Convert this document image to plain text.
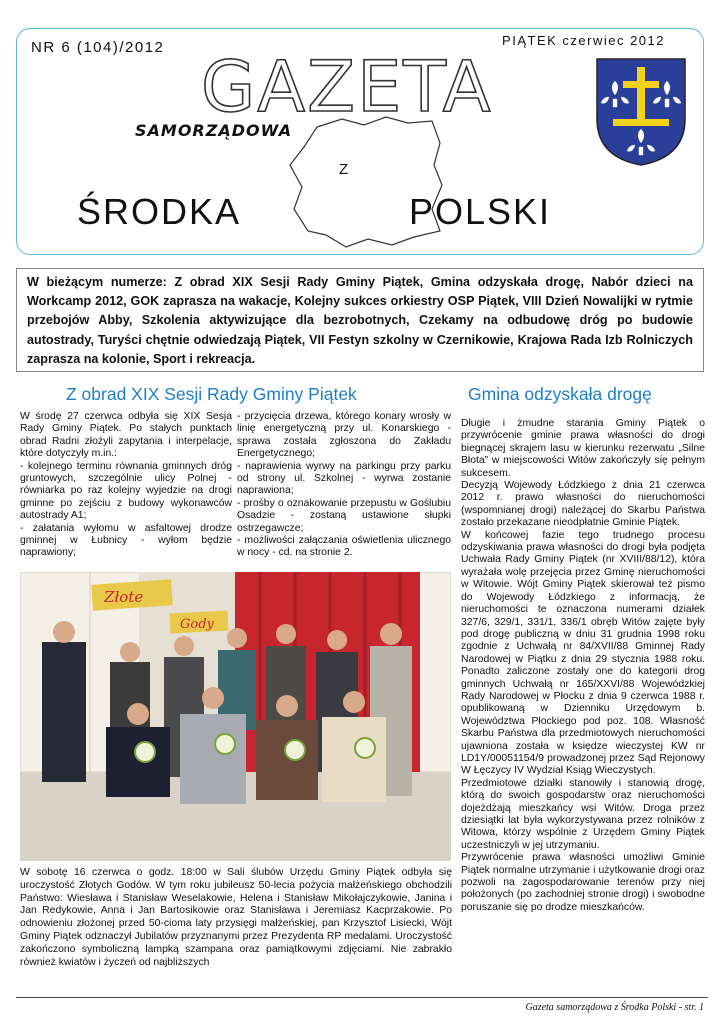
NR 6 (104)/2012	PIĄTEK czerwiec 2012
GAZETA
SAMORZĄDOWA
Z
ŚRODKA	POLSKI
W bieżącym numerze: Z obrad XIX Sesji Rady Gminy Piątek, Gmina odzyskała drogę, Nabór dzieci na Workcamp 2012, GOK zaprasza na wakacje, Kolejny sukces orkiestry OSP Piątek, VIII Dzień Nowalijki w rytmie przebojów Abby, Szkolenia aktywizujące dla bezrobotnych, Czekamy na odbudowę dróg po budowie autostrady, Turyści chętnie odwiedzają Piątek, VII Festyn szkolny w Czernikowie, Krajowa Rada Izb Rolniczych zaprasza na kolonie, Sport i rekreacja.
Z obrad XIX Sesji Rady Gminy Piątek

W środę 27 czerwca odbyła się XIX Sesja Rady Gminy Piątek. Po stałych punktach obrad Radni złożyli zapytania i interpelacje, które dotyczyły m.in.:

- kolejnego terminu równania gminnych dróg gruntowych, szczególnie ulicy Polnej - równiarka po raz kolejny wyjedzie na drogi gminne po zejściu z budowy wykonawców autostrady A1;

- załatania wyłomu w asfaltowej drodze gminnej w Łubnicy - wyłom będzie naprawiony;

- przycięcia drzewa, którego konary wrosły w linię energetyczną przy ul. Konarskiego - sprawa została zgłoszona do Zakładu Energetycznego;

- naprawienia wyrwy na parkingu przy parku od strony ul. Szkolnej - wyrwa zostanie naprawiona;

- prośby o oznakowanie przepustu w Goślubiu Osadzie - zostaną ustawione słupki ostrzegawcze;

- możliwości załączania oświetlenia ulicznego w nocy - cd. na stronie 2.

Złote
Gody
W sobotę 16 czerwca o godz. 18:00 w Sali ślubów Urzędu Gminy Piątek odbyła się uroczystość Złotych Godów. W tym roku jubileusz 50-lecia pożycia małżeńskiego obchodzili Państwo: Wiesława i Stanisław Weselakowie, Helena i Stanisław Mikołajczykowie, Janina i Jan Redykowie, Anna i Jan Bartosikowie oraz Stanisława i Jeremiasz Kacprzakowie. Po odnowieniu złożonej przed 50-cioma laty przysięgi małżeńskiej, pan Krzysztof Lisiecki, Wójt Gminy Piątek odznaczył Jubilatów przyznanymi przez Prezydenta RP medalami. Uroczystość zakończono symboliczną lampką szampana oraz pamiątkowymi zdjęciami. Nie zabrakło również kwiatów i życzeń od najbliższych
Gmina odzyskała drogę

Długie i żmudne starania Gminy Piątek o przywrócenie gminie prawa własności do drogi biegnącej skrajem lasu w kierunku rezerwatu „Silne Błota” w miejscowości Witów zakończyły się pełnym sukcesem.

Decyzją Wojewody Łódzkiego z dnia 21 czerwca 2012 r. prawo własności do nieruchomości (wspomnianej drogi) należącej do Skarbu Państwa zostało przekazane nieodpłatnie Gminie Piątek.

W końcowej fazie tego trudnego procesu odzyskiwania prawa własności do drogi była podjęta Uchwała Rady Gminy Piątek (nr XVIII/88/12), która wyrażała wolę przejęcia przez Gminę nieruchomości w Witowie. Wójt Gminy Piątek skierował też pismo do Wojewody Łódzkiego z informacją, że nieruchomości te oznaczona numerami działek 327/6, 329/1, 331/1, 336/1 obręb Witów zajęte były pod drogę publiczną w dniu 31 grudnia 1998 roku zgodnie z Uchwałą nr 84/XVII/88 Gminnej Rady Narodowej w Piątku z dnia 29 stycznia 1988 roku. Ponadto zaliczone zostały one do kategorii drog gminnych Uchwałą nr 165/XXVI/88 Wojewódzkiej Rady Narodowej w Płocku z dnia 9 czerwca 1988 r. opublikowaną w Dzienniku Urzędowym b. Województwa Płockiego pod poz. 108. Własność Skarbu Państwa dla przedmiotowych nieruchomości ujawniona została w księdze wieczystej KW nr LD1Y/00051154/9 prowadzonej przez Sąd Rejonowy W Łęczycy IV Wydział Ksiąg Wieczystych.

Przedmiotowe działki stanowiły i stanowią drogę, którą do swoich gospodarstw oraz nieruchomości dojeżdżają mieszkańcy wsi Witów. Droga przez dziesiątki lat była wykorzystywana przez rolników z Witowa, którzy wspólnie z Urzędem Gminy Piątek uczestniczyli w jej utrzymaniu.

Przywrócenie prawa własności umożliwi Gminie Piątek normalne utrzymanie i użytkowanie drogi oraz pozwoli na zagospodarowanie terenów przy niej położonych (po zachodniej stronie drogi) i swobodne poruszanie się po drodze mieszkańców.

Gazeta samorządowa z Środka Polski - str. 1
